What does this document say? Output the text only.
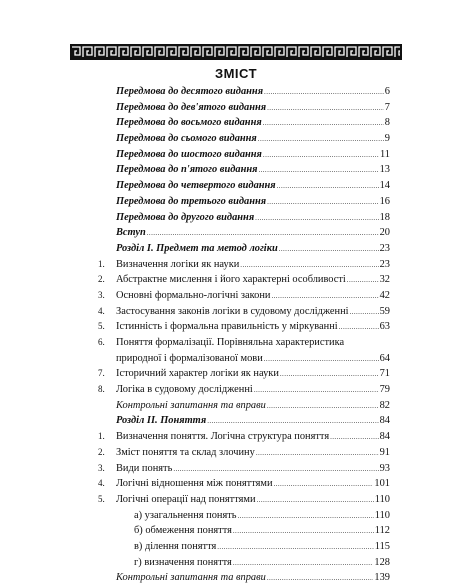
ЗМІСТ
Передмова до десятого видання .....	6
Передмова до дев'ятого видання .....	7
Передмова до восьмого видання .....	8
Передмова до сьомого видання .....	9
Передмова до шостого видання .....	11
Передмова до п'ятого видання .....	13
Передмова до четвертого видання .....	14
Передмова до третього видання .....	16
Передмова до другого видання .....	18
Вступ .....	20
Розділ І. Предмет та метод логіки .....	23
1.	Визначення логіки як науки .....	23
2.	Абстрактне мислення і його характерні особливості .....	32
3.	Основні формально-логічні закони .....	42
4.	Застосування законів логіки в судовому дослідженні .....	59
5.	Істинність і формальна правильність у міркуванні .....	63
6.	Поняття формалізації. Порівняльна характеристика
природної і формалізованої мови .....	64
7.	Історичний характер логіки як науки .....	71
8.	Логіка в судовому дослідженні .....	79
Контрольні запитання та вправи .....	82
Розділ ІІ. Поняття .....	84
1.	Визначення поняття. Логічна структура поняття .....	84
2.	Зміст поняття та склад злочину .....	91
3.	Види понять .....	93
4.	Логічні відношення між поняттями .....	101
5.	Логічні операції над поняттями .....	110
а) узагальнення понять .....	110
б) обмеження поняття .....	112
в) ділення поняття .....	115
г) визначення поняття .....	128
Контрольні запитання та вправи .....	139
